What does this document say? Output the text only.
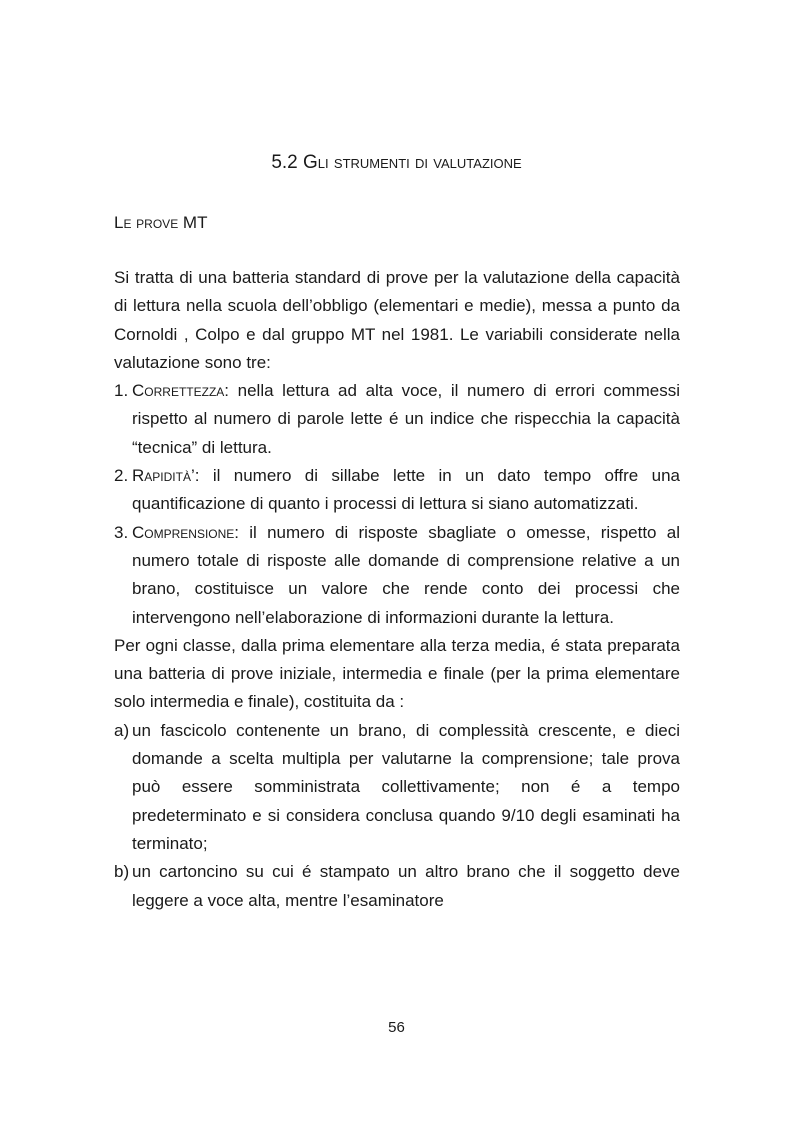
5.2 Gli strumenti di valutazione
Le prove MT

Si tratta di una batteria standard di prove per la valutazione della capacità di lettura nella scuola dell’obbligo (elementari e medie), messa a punto da Cornoldi , Colpo e dal gruppo MT nel 1981. Le variabili considerate nella valutazione sono tre:

1. Correttezza: nella lettura ad alta voce, il numero di errori commessi rispetto al numero di parole lette é un indice che rispecchia la capacità “tecnica” di lettura.
2. Rapidità’: il numero di sillabe lette in un dato tempo offre una quantificazione di quanto i processi di lettura si siano automatizzati.
3. Comprensione: il numero di risposte sbagliate o omesse, rispetto al numero totale di risposte alle domande di comprensione relative a un brano, costituisce un valore che rende conto dei processi che intervengono nell’elaborazione di informazioni durante la lettura.

Per ogni classe, dalla prima elementare alla terza media, é stata preparata una batteria di prove iniziale, intermedia e finale (per la prima elementare solo intermedia e finale), costituita da :

a) un fascicolo contenente un brano, di complessità crescente, e dieci domande a scelta multipla per valutarne la comprensione; tale prova può essere somministrata collettivamente; non é a tempo predeterminato e si considera conclusa quando 9/10 degli esaminati ha terminato;
b) un cartoncino su cui é stampato un altro brano che il soggetto deve leggere a voce alta, mentre l’esaminatore
56
